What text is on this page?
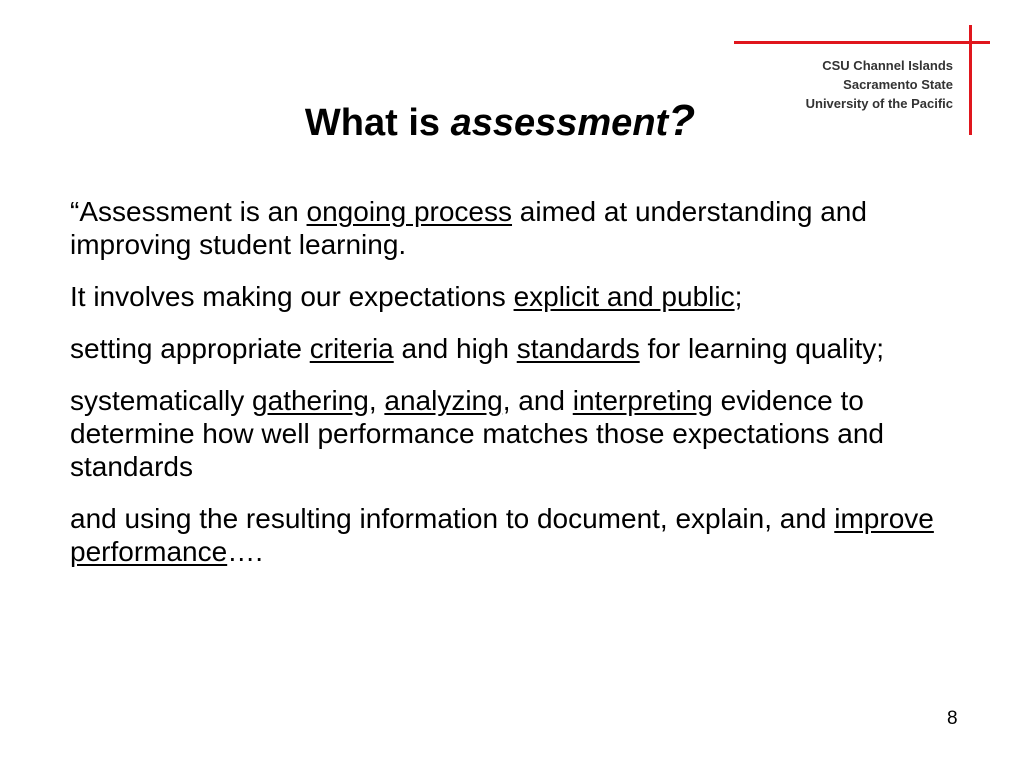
CSU Channel Islands
Sacramento State
University of the Pacific
What is assessment?

“Assessment is an ongoing process aimed at understanding and improving student learning.

It involves making our expectations explicit and public;

setting appropriate criteria and high standards for learning quality;

systematically gathering, analyzing, and interpreting evidence to determine how well performance matches those expectations and standards

and using the resulting information to document, explain, and improve performance….

8
